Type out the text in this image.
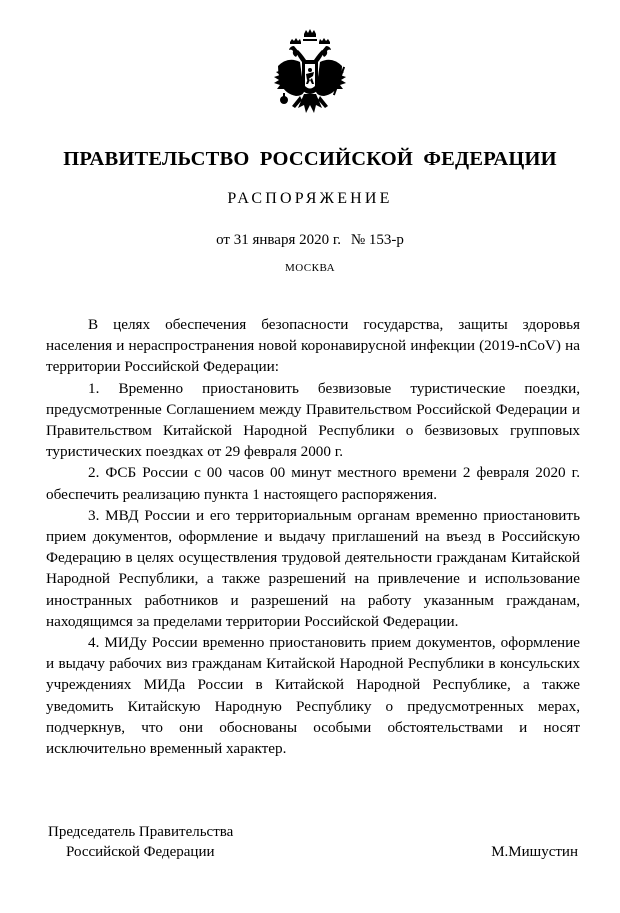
ПРАВИТЕЛЬСТВО РОССИЙСКОЙ ФЕДЕРАЦИИ
РАСПОРЯЖЕНИЕ
от 31 января 2020 г. № 153-р
МОСКВА

В целях обеспечения безопасности государства, защиты здоровья населения и нераспространения новой коронавирусной инфекции (2019-nCoV) на территории Российской Федерации:

1. Временно приостановить безвизовые туристические поездки, предусмотренные Соглашением между Правительством Российской Федерации и Правительством Китайской Народной Республики о безвизовых групповых туристических поездках от 29 февраля 2000 г.

2. ФСБ России с 00 часов 00 минут местного времени 2 февраля 2020 г. обеспечить реализацию пункта 1 настоящего распоряжения.

3. МВД России и его территориальным органам временно приостановить прием документов, оформление и выдачу приглашений на въезд в Российскую Федерацию в целях осуществления трудовой деятельности гражданам Китайской Народной Республики, а также разрешений на привлечение и использование иностранных работников и разрешений на работу указанным гражданам, находящимся за пределами территории Российской Федерации.

4. МИДу России временно приостановить прием документов, оформление и выдачу рабочих виз гражданам Китайской Народной Республики в консульских учреждениях МИДа России в Китайской Народной Республике, а также уведомить Китайскую Народную Республику о предусмотренных мерах, подчеркнув, что они обоснованы особыми обстоятельствами и носят исключительно временный характер.

Председатель Правительства
Российской Федерации	М.Мишустин
